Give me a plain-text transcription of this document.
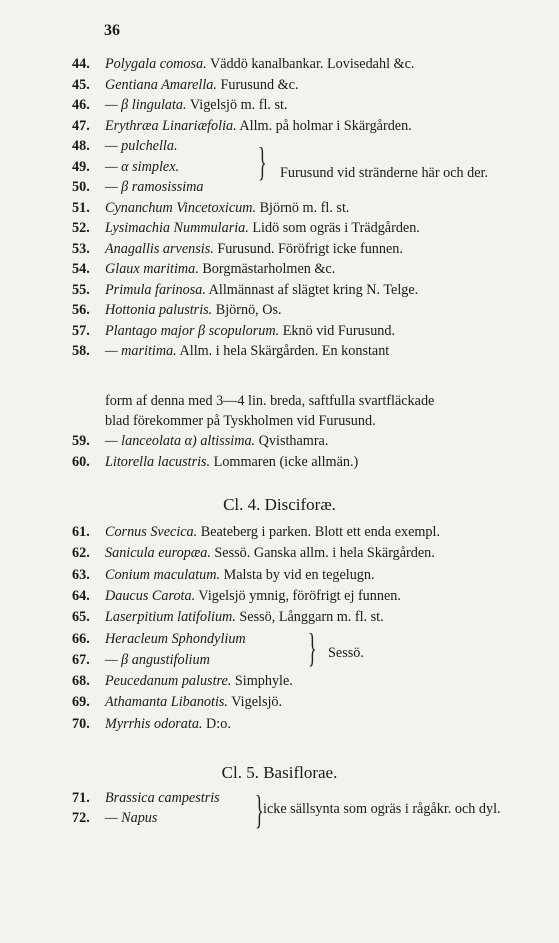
36
44.	Polygala comosa. Väddö kanalbankar. Lovisedahl &c.
45.	Gentiana Amarella. Furusund &c.
46.	— β lingulata. Vigelsjö m. fl. st.
47.	Erythræa Linariæfolia. Allm. på holmar i Skärgården.
48.	— pulchella.
49.	— α simplex.
50.	— β ramosissima
51.	Cynanchum Vincetoxicum. Björnö m. fl. st.
52.	Lysimachia Nummularia. Lidö som ogräs i Trädgården.
53.	Anagallis arvensis. Furusund. Föröfrigt icke funnen.
54.	Glaux maritima. Borgmästarholmen &c.
55.	Primula farinosa. Allmännast af slägtet kring N. Telge.
56.	Hottonia palustris. Björnö, Os.
57.	Plantago major β scopulorum. Eknö vid Furusund.
58.	— maritima. Allm. i hela Skärgården. En konstant
} Furusund vid stränderne här och der.
form af denna med 3—4 lin. breda, saftfulla svartfläckade
blad förekommer på Tyskholmen vid Furusund.
59.	— lanceolata α) altissima. Qvisthamra.
60.	Litorella lacustris. Lommaren (icke allmän.)
Cl. 4. Disciforæ.
61.	Cornus Svecica. Beateberg i parken. Blott ett enda exempl.
62.	Sanicula europæa. Sessö. Ganska allm. i hela Skärgården.
63.	Conium maculatum. Malsta by vid en tegelugn.
64.	Daucus Carota. Vigelsjö ymnig, föröfrigt ej funnen.
65.	Laserpitium latifolium. Sessö, Långgarn m. fl. st.
66.	Heracleum Sphondylium
67.	— β angustifolium
68.	Peucedanum palustre. Simphyle.
69.	Athamanta Libanotis. Vigelsjö.
70.	Myrrhis odorata. D:o.
} Sessö.
Cl. 5. Basiflorae.
71.	Brassica campestris
72.	— Napus } icke sällsynta som ogräs i rågåkr. och dyl.
